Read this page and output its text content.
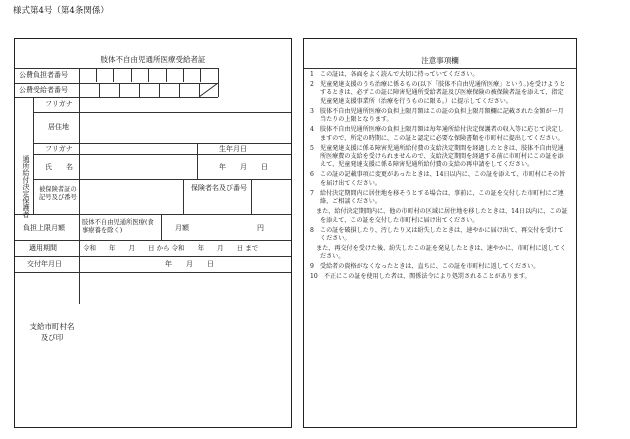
様式第4号（第4条関係）
肢体不自由児通所医療受給者証
公費負担者番号
公費受給者番号
通所給付決定保護者
フリガナ
居住地
フリガナ	生年月日
氏　　名	年　　月　　日
被保険者証の記号及び番号
保険者名及び番号
負担上限月額
肢体不自由児通所医療(食事療養を除く)	月額	円
適用期間	令和　　年　　月　　日 から 令和　　年　　月　　日 まで
交付年月日	年　　月　　日
支給市町村名及び印
注意事項欄

1　この証は、各面をよく読んで大切に持っていてください。

2　児童発達支援のうち治療に係るもの(以下「肢体不自由児通所医療」という。)を受けようとするときは、必ずこの証に障害児通所受給者証及び医療保険の被保険者証を添えて、指定児童発達支援事業所（治療を行うものに限る。）に提示してください。

3　肢体不自由児通所医療の負担上限月額はこの証の負担上限月額欄に記載された金額が一月当たりの上限となります。

4　肢体不自由児通所医療の負担上限月額は毎年通所給付決定保護者の収入等に応じて決定しますので、所定の時期に、この証と認定に必要な保険書類を市町村に提出してください。

5　児童発達支援に係る障害児通所給付費の支給決定期間を経過したときは、肢体不自由児通所医療費の支給を受けられませんので、支給決定期間を経過する前に市町村にこの証を添えて、児童発達支援に係る障害児通所給付費の支給の再申請をしてください。

6　この証の記載事項に変更があったときは、14日以内に、この証を添えて、市町村にその旨を届け出てください。

7　給付決定期間内に居住地を移そうとする場合は、事前に、この証を交付した市町村にご連絡、ご相談ください。

　また、給付決定期間内に、他の市町村の区域に居住地を移したときは、14日以内に、この証を添えて、この証を交付した市町村に届け出てください。

8　この証を破損したり、汚したり又は紛失したときは、速やかに届け出て、再交付を受けてください。

　また、再交付を受けた後、紛失したこの証を発見したときは、速やかに、市町村に返してください。

9　受給者の資格がなくなったときは、直ちに、この証を市町村に返してください。

10　不正にこの証を使用した者は、関係法令により処罰されることがあります。
